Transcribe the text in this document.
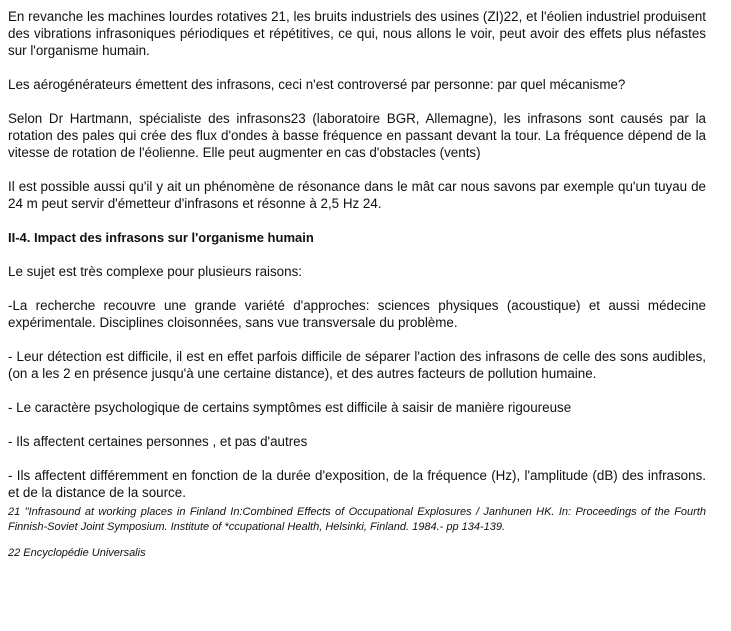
En revanche les machines lourdes rotatives 21, les bruits industriels des usines (ZI)22, et l'éolien industriel produisent des vibrations infrasoniques périodiques et répétitives, ce qui, nous allons le voir, peut avoir des effets plus néfastes sur l'organisme humain.

Les aérogénérateurs émettent des infrasons, ceci n'est controversé par personne: par quel mécanisme?

Selon Dr Hartmann, spécialiste des infrasons23 (laboratoire BGR, Allemagne), les infrasons sont causés par la rotation des pales qui crée des flux d'ondes à basse fréquence en passant devant la tour. La fréquence dépend de la vitesse de rotation de l'éolienne. Elle peut augmenter en cas d'obstacles (vents)

Il est possible aussi qu'il y ait un phénomène de résonance dans le mât car nous savons par exemple qu'un tuyau de 24 m peut servir d'émetteur d'infrasons et résonne à 2,5 Hz 24.

II-4. Impact des infrasons sur l'organisme humain

Le sujet est très complexe pour plusieurs raisons:

-La recherche recouvre une grande variété d'approches: sciences physiques (acoustique) et aussi médecine expérimentale. Disciplines cloisonnées, sans vue transversale du problème.

- Leur détection est difficile, il est en effet parfois difficile de séparer l'action des infrasons de celle des sons audibles, (on a les 2 en présence jusqu'à une certaine distance), et des autres facteurs de pollution humaine.

- Le caractère psychologique de certains symptômes est difficile à saisir de manière rigoureuse

- Ils affectent certaines personnes , et pas d'autres

- Ils affectent différemment en fonction de la durée d'exposition, de la fréquence (Hz), l'amplitude (dB) des infrasons. et de la distance de la source.

21 "Infrasound at working places in Finland In:Combined Effects of Occupational Explosures / Janhunen HK. In: Proceedings of the Fourth Finnish-Soviet Joint Symposium. Institute of *ccupational Health, Helsinki, Finland. 1984.- pp 134-139.

22 Encyclopédie Universalis
